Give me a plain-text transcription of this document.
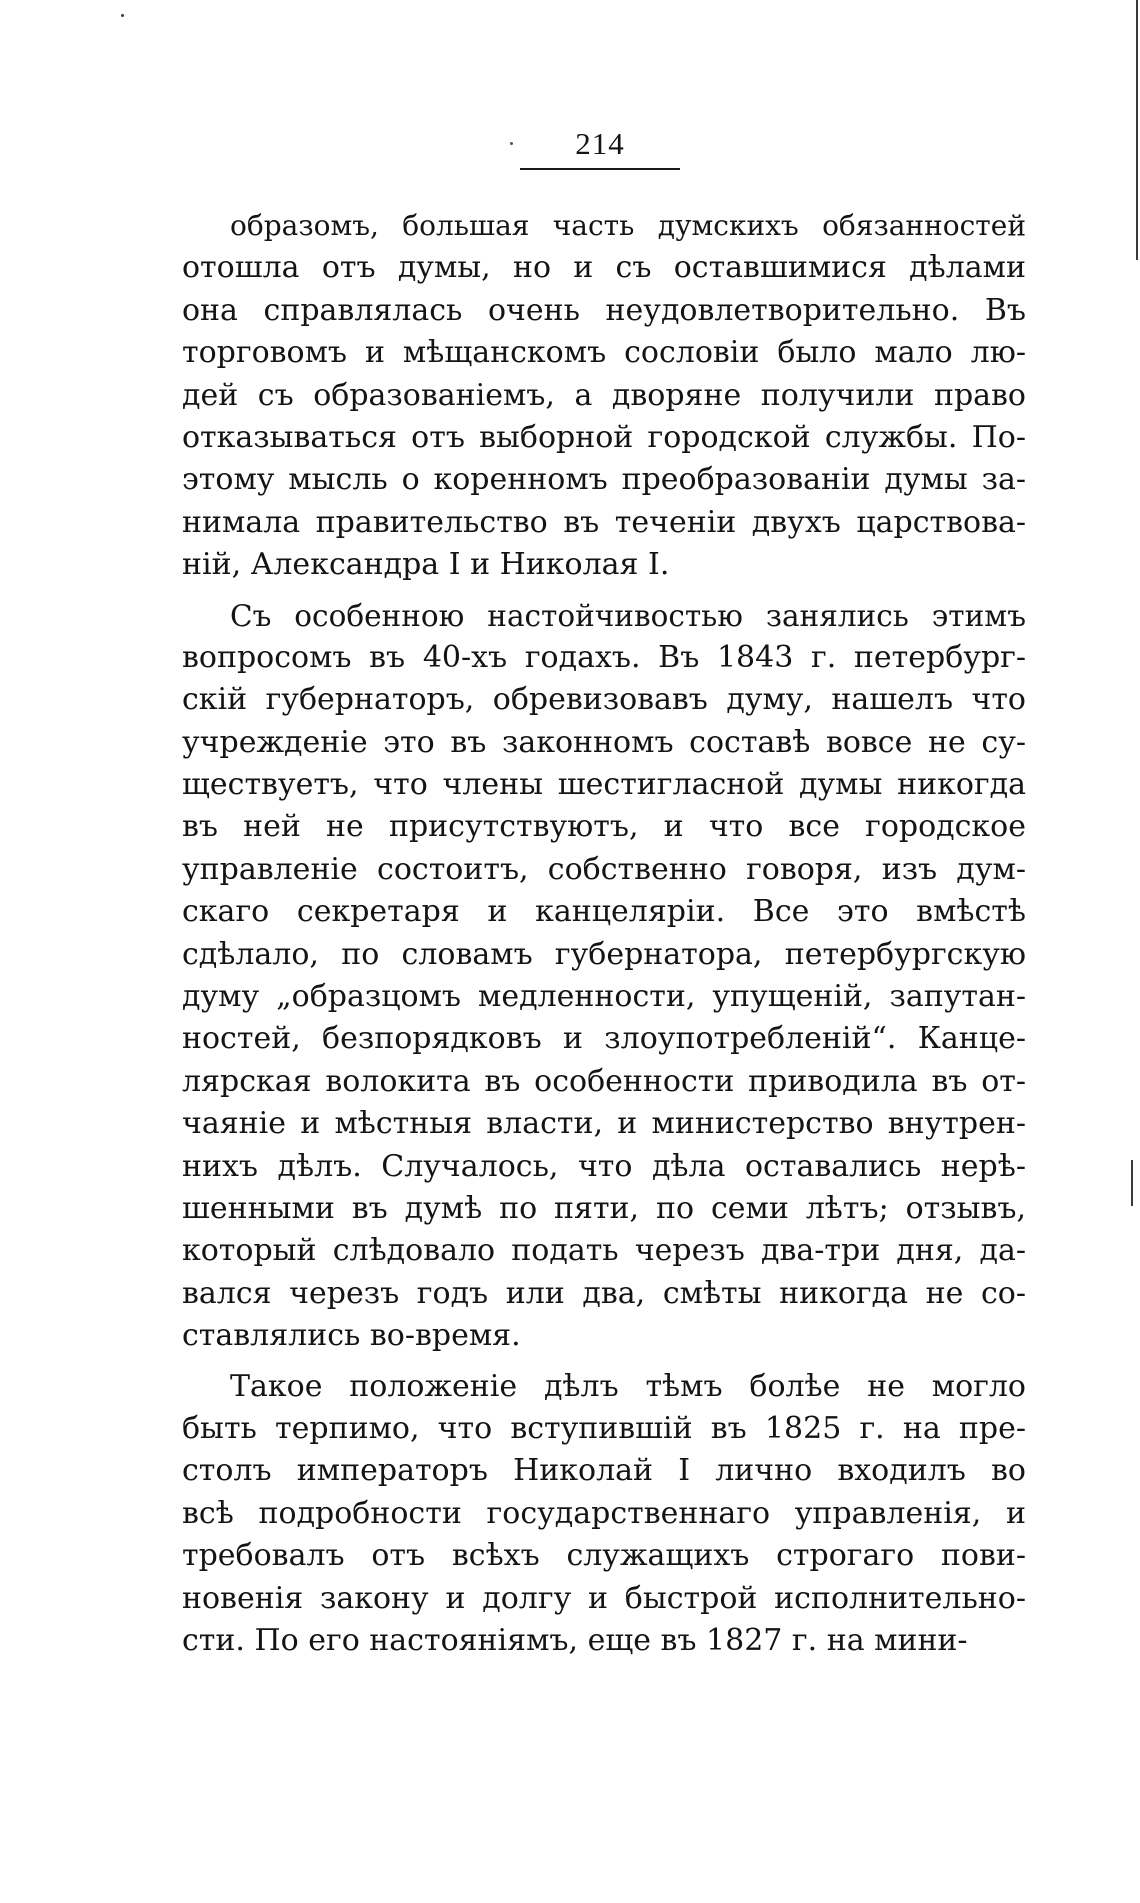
214
образомъ, большая часть думскихъ обязанностей
отошла отъ думы, но и съ оставшимися дѣлами
она справлялась очень неудовлетворительно. Въ
торговомъ и мѣщанскомъ сословіи было мало лю-
дей съ образованіемъ, а дворяне получили право
отказываться отъ выборной городской службы. По-
этому мысль о коренномъ преобразованіи думы за-
нимала правительство въ теченіи двухъ царствова-
ній, Александра I и Николая I.
Съ особенною настойчивостью занялись этимъ
вопросомъ въ 40-хъ годахъ. Въ 1843 г. петербург-
скій губернаторъ, обревизовавъ думу, нашелъ что
учрежденіе это въ законномъ составѣ вовсе не су-
ществуетъ, что члены шестигласной думы никогда
въ ней не присутствуютъ, и что все городское
управленіе состоитъ, собственно говоря, изъ дум-
скаго секретаря и канцеляріи. Все это вмѣстѣ
сдѣлало, по словамъ губернатора, петербургскую
думу „образцомъ медленности, упущеній, запутан-
ностей, безпорядковъ и злоупотребленій“. Канце-
лярская волокита въ особенности приводила въ от-
чаяніе и мѣстныя власти, и министерство внутрен-
нихъ дѣлъ. Случалось, что дѣла оставались нерѣ-
шенными въ думѣ по пяти, по семи лѣтъ; отзывъ,
который слѣдовало подать черезъ два-три дня, да-
вался черезъ годъ или два, смѣты никогда не со-
ставлялись во-время.
Такое положеніе дѣлъ тѣмъ болѣе не могло
быть терпимо, что вступившій въ 1825 г. на пре-
столъ императоръ Николай I лично входилъ во
всѣ подробности государственнаго управленія, и
требовалъ отъ всѣхъ служащихъ строгаго пови-
новенія закону и долгу и быстрой исполнительно-
сти. По его настояніямъ, еще въ 1827 г. на мини-
